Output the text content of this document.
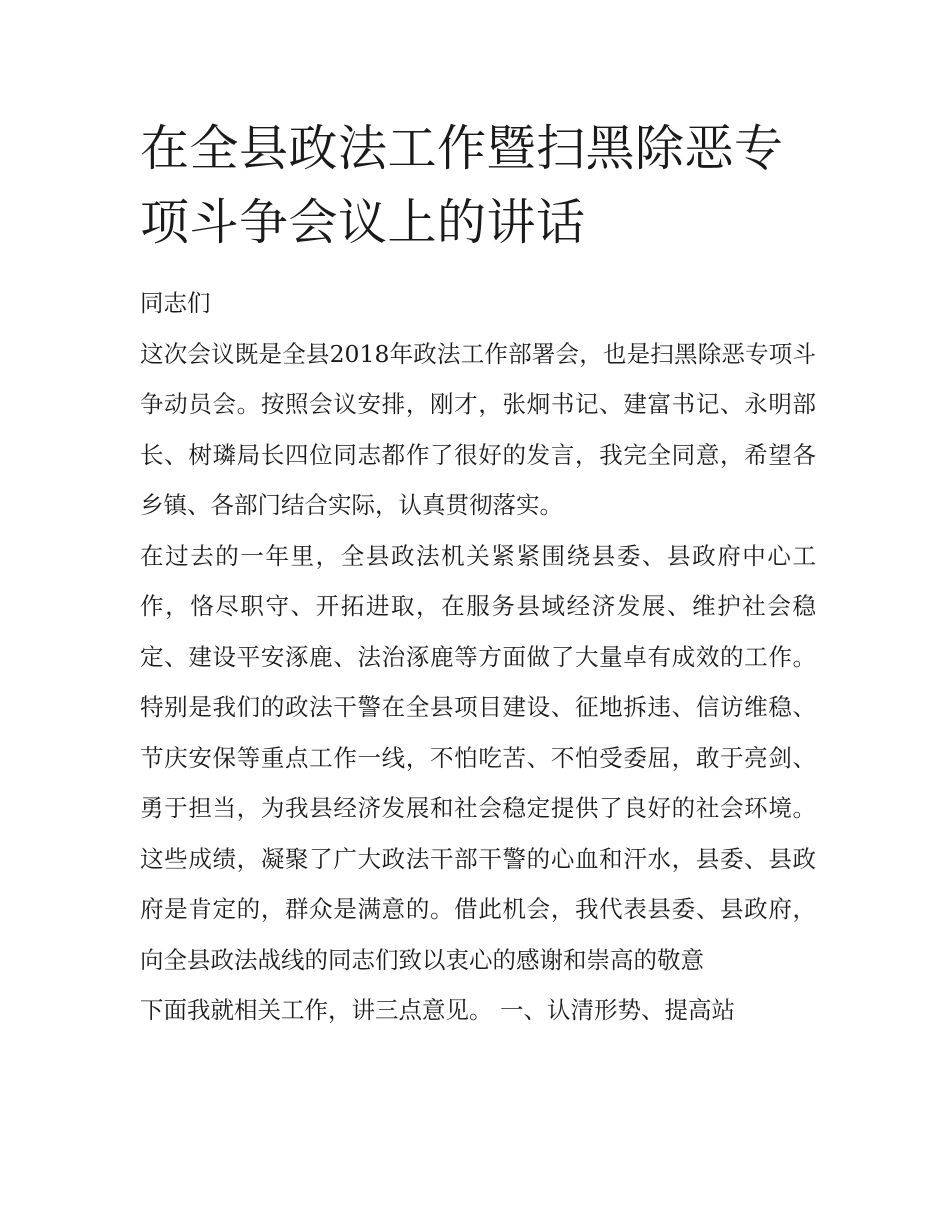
在全县政法工作暨扫黑除恶专项斗争会议上的讲话

同志们

这次会议既是全县2018年政法工作部署会，也是扫黑除恶专项斗争动员会。按照会议安排，刚才，张炯书记、建富书记、永明部长、树璘局长四位同志都作了很好的发言，我完全同意，希望各乡镇、各部门结合实际，认真贯彻落实。

在过去的一年里，全县政法机关紧紧围绕县委、县政府中心工作，恪尽职守、开拓进取，在服务县域经济发展、维护社会稳定、建设平安涿鹿、法治涿鹿等方面做了大量卓有成效的工作。特别是我们的政法干警在全县项目建设、征地拆违、信访维稳、节庆安保等重点工作一线，不怕吃苦、不怕受委屈，敢于亮剑、勇于担当，为我县经济发展和社会稳定提供了良好的社会环境。这些成绩，凝聚了广大政法干部干警的心血和汗水，县委、县政府是肯定的，群众是满意的。借此机会，我代表县委、县政府，向全县政法战线的同志们致以衷心的感谢和崇高的敬意

下面我就相关工作，讲三点意见。 一、认清形势、提高站
